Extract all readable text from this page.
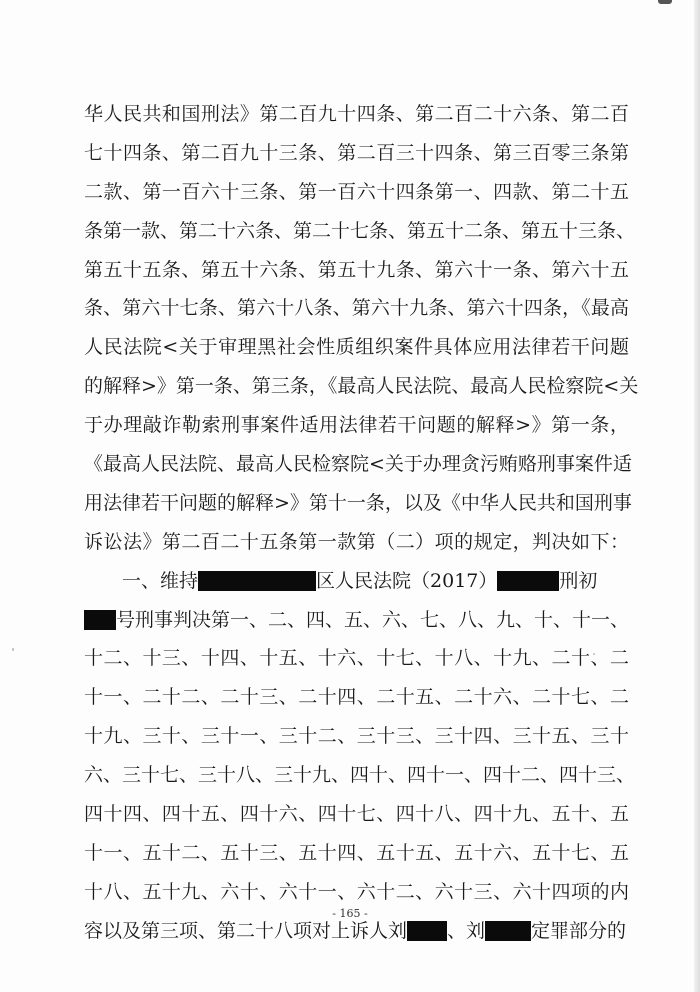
华人民共和国刑法》第二百九十四条、第二百二十六条、第二百
七十四条、第二百九十三条、第二百三十四条、第三百零三条第
二款、第一百六十三条、第一百六十四条第一、四款、第二十五
条第一款、第二十六条、第二十七条、第五十二条、第五十三条、
第五十五条、第五十六条、第五十九条、第六十一条、第六十五
条、第六十七条、第六十八条、第六十九条、第六十四条，《最高
人民法院<关于审理黑社会性质组织案件具体应用法律若干问题
的解释>》第一条、第三条，《最高人民法院、最高人民检察院<关
于办理敲诈勒索刑事案件适用法律若干问题的解释>》第一条，
《最高人民法院、最高人民检察院<关于办理贪污贿赂刑事案件适
用法律若干问题的解释>》第十一条，以及《中华人民共和国刑事
诉讼法》第二百二十五条第一款第（二）项的规定，判决如下：
一、维持	区人民法院（2017）	刑初
号刑事判决第一、二、四、五、六、七、八、九、十、十一、
十二、十三、十四、十五、十六、十七、十八、十九、二十、二
十一、二十二、二十三、二十四、二十五、二十六、二十七、二
十九、三十、三十一、三十二、三十三、三十四、三十五、三十
六、三十七、三十八、三十九、四十、四十一、四十二、四十三、
四十四、四十五、四十六、四十七、四十八、四十九、五十、五
十一、五十二、五十三、五十四、五十五、五十六、五十七、五
十八、五十九、六十、六十一、六十二、六十三、六十四项的内
容以及第三项、第二十八项对上诉人刘 、刘 定罪部分的
- 165 -
